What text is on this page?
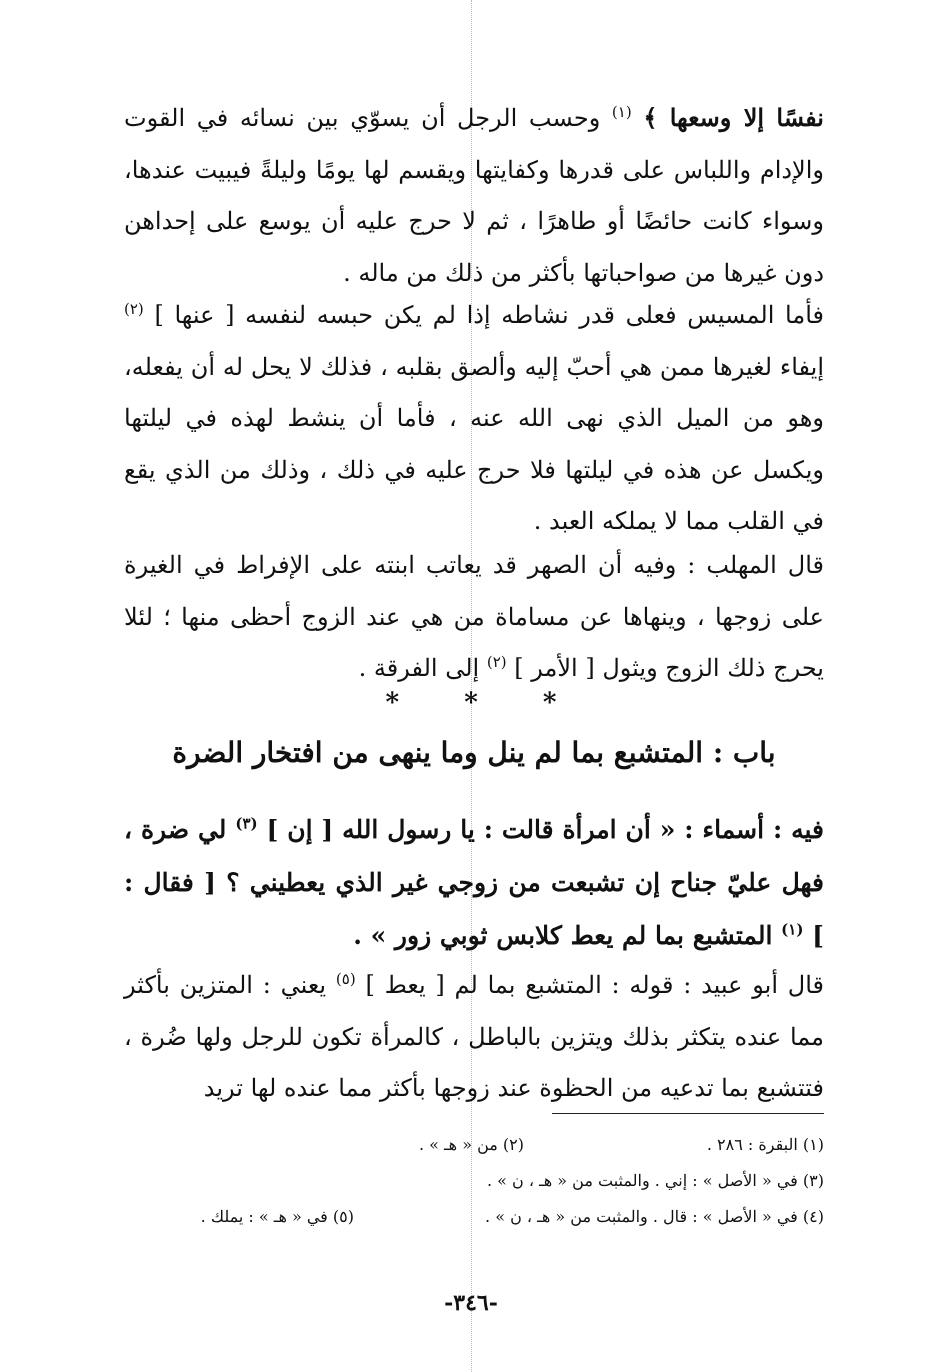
نفسًا إلا وسعها ﴾ $^{(١)}$ وحسب الرجل أن يسوّي بين نسائه في القوت والإدام واللباس على قدرها وكفايتها ويقسم لها يومًا وليلةً فيبيت عندها، وسواء كانت حائضًا أو طاهرًا ، ثم لا حرج عليه أن يوسع على إحداهن دون غيرها من صواحباتها بأكثر من ذلك من ماله .

فأما المسيس فعلى قدر نشاطه إذا لم يكن حبسه لنفسه [ عنها ] $^{(٢)}$ إيفاء لغيرها ممن هي أحبّ إليه وألصق بقلبه ، فذلك لا يحل له أن يفعله، وهو من الميل الذي نهى الله عنه ، فأما أن ينشط لهذه في ليلتها ويكسل عن هذه في ليلتها فلا حرج عليه في ذلك ، وذلك من الذي يقع في القلب مما لا يملكه العبد .

قال المهلب : وفيه أن الصهر قد يعاتب ابنته على الإفراط في الغيرة على زوجها ، وينهاها عن مساماة من هي عند الزوج أحظى منها ؛ لئلا يحرج ذلك الزوج ويثول [ الأمر ] $^{(٢)}$ إلى الفرقة .

*	*	*
باب : المتشبع بما لم ينل وما ينهى من افتخار الضرة

فيه : أسماء : « أن امرأة قالت : يا رسول الله [ إن ] $^{(٣)}$ لي ضرة ، فهل عليّ جناح إن تشبعت من زوجي غير الذي يعطيني ؟ [ فقال : ] $^{(١)}$ المتشبع بما لم يعط كلابس ثوبي زور » .

قال أبو عبيد : قوله : المتشبع بما لم [ يعط ] $^{(٥)}$ يعني : المتزين بأكثر مما عنده يتكثر بذلك ويتزين بالباطل ، كالمرأة تكون للرجل ولها ضُرة ، فتتشبع بما تدعيه من الحظوة عند زوجها بأكثر مما عنده لها تريد

(١) البقرة : ٢٨٦ .
(٢) من « هـ » .
(٣) في « الأصل » : إني . والمثبت من « هـ ، ن » .
(٤) في « الأصل » : قال . والمثبت من « هـ ، ن » .
(٥) في « هـ » : يملك .
-٣٤٦-
